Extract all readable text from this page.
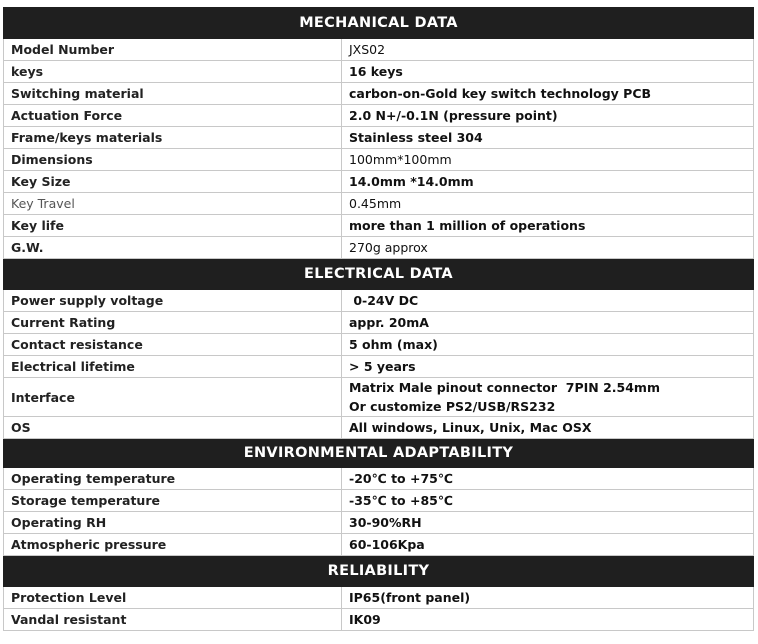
MECHANICAL DATA	
Model Number	JXS02
keys	16 keys
Switching material	carbon-on-Gold key switch technology PCB
Actuation Force	2.0 N+/-0.1N (pressure point)
Frame/keys materials	Stainless steel 304
Dimensions	100mm*100mm
Key Size	14.0mm *14.0mm
Key Travel	0.45mm
Key life	more than 1 million of operations
G.W.	270g approx
ELECTRICAL DATA	
Power supply voltage	0-24V DC
Current Rating	appr. 20mA
Contact resistance	5 ohm (max)
Electrical lifetime	> 5 years
Interface	Matrix Male pinout connector  7PIN 2.54mm
Or customize PS2/USB/RS232

OS	All windows, Linux, Unix, Mac OSX
ENVIRONMENTAL ADAPTABILITY	
Operating temperature	-20℃ to +75℃
Storage temperature	-35℃ to +85℃
Operating RH	30-90%RH
Atmospheric pressure	60-106Kpa
RELIABILITY	
Protection Level	IP65(front panel)
Vandal resistant	IK09
